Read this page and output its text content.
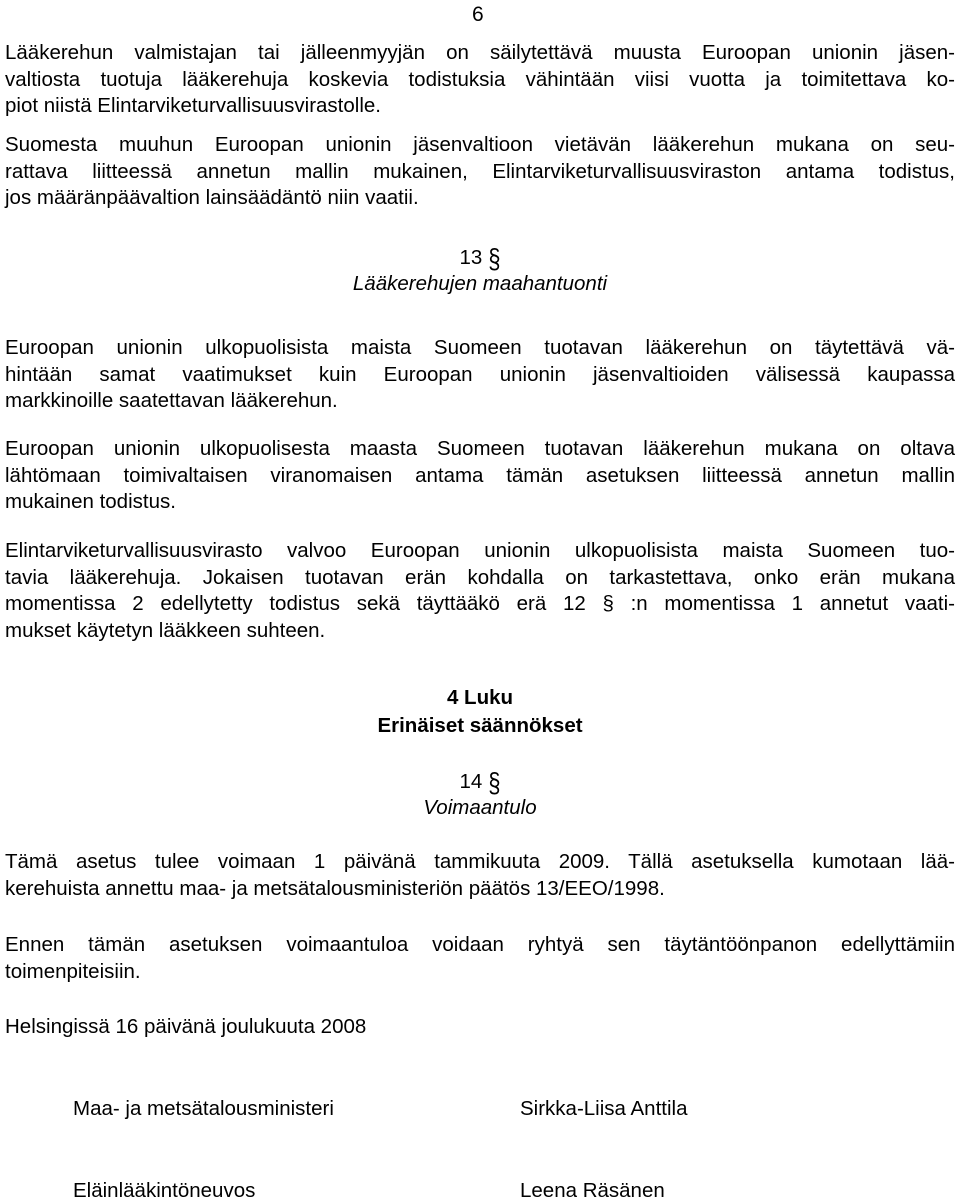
6

Lääkerehun valmistajan tai jälleenmyyjän on säilytettävä muusta Euroopan unionin jäsen-
valtiosta tuotuja lääkerehuja koskevia todistuksia vähintään viisi vuotta ja toimitettava ko-
piot niistä Elintarviketurvallisuusvirastolle.

Suomesta muuhun Euroopan unionin jäsenvaltioon vietävän lääkerehun mukana on seu-
rattava liitteessä annetun mallin mukainen, Elintarviketurvallisuusviraston antama todistus,
jos määränpäävaltion lainsäädäntö niin vaatii.

13 §
Lääkerehujen maahantuonti

Euroopan unionin ulkopuolisista maista Suomeen tuotavan lääkerehun on täytettävä vä-
hintään samat vaatimukset kuin Euroopan unionin jäsenvaltioiden välisessä kaupassa
markkinoille saatettavan lääkerehun.

Euroopan unionin ulkopuolisesta maasta Suomeen tuotavan lääkerehun mukana on oltava
lähtömaan toimivaltaisen viranomaisen antama tämän asetuksen liitteessä annetun mallin
mukainen todistus.

Elintarviketurvallisuusvirasto valvoo Euroopan unionin ulkopuolisista maista Suomeen tuo-
tavia lääkerehuja. Jokaisen tuotavan erän kohdalla on tarkastettava, onko erän mukana
momentissa 2 edellytetty todistus sekä täyttääkö erä 12 § :n momentissa 1 annetut vaati-
mukset käytetyn lääkkeen suhteen.

4 Luku
Erinäiset säännökset
14 §
Voimaantulo

Tämä asetus tulee voimaan 1 päivänä tammikuuta 2009. Tällä asetuksella kumotaan lää-
kerehuista annettu maa- ja metsätalousministeriön päätös 13/EEO/1998.

Ennen tämän asetuksen voimaantuloa voidaan ryhtyä sen täytäntöönpanon edellyttämiin
toimenpiteisiin.

Helsingissä 16 päivänä joulukuuta 2008
Maa- ja metsätalousministeri	Sirkka-Liisa Anttila
Eläinlääkintöneuvos	Leena Räsänen
